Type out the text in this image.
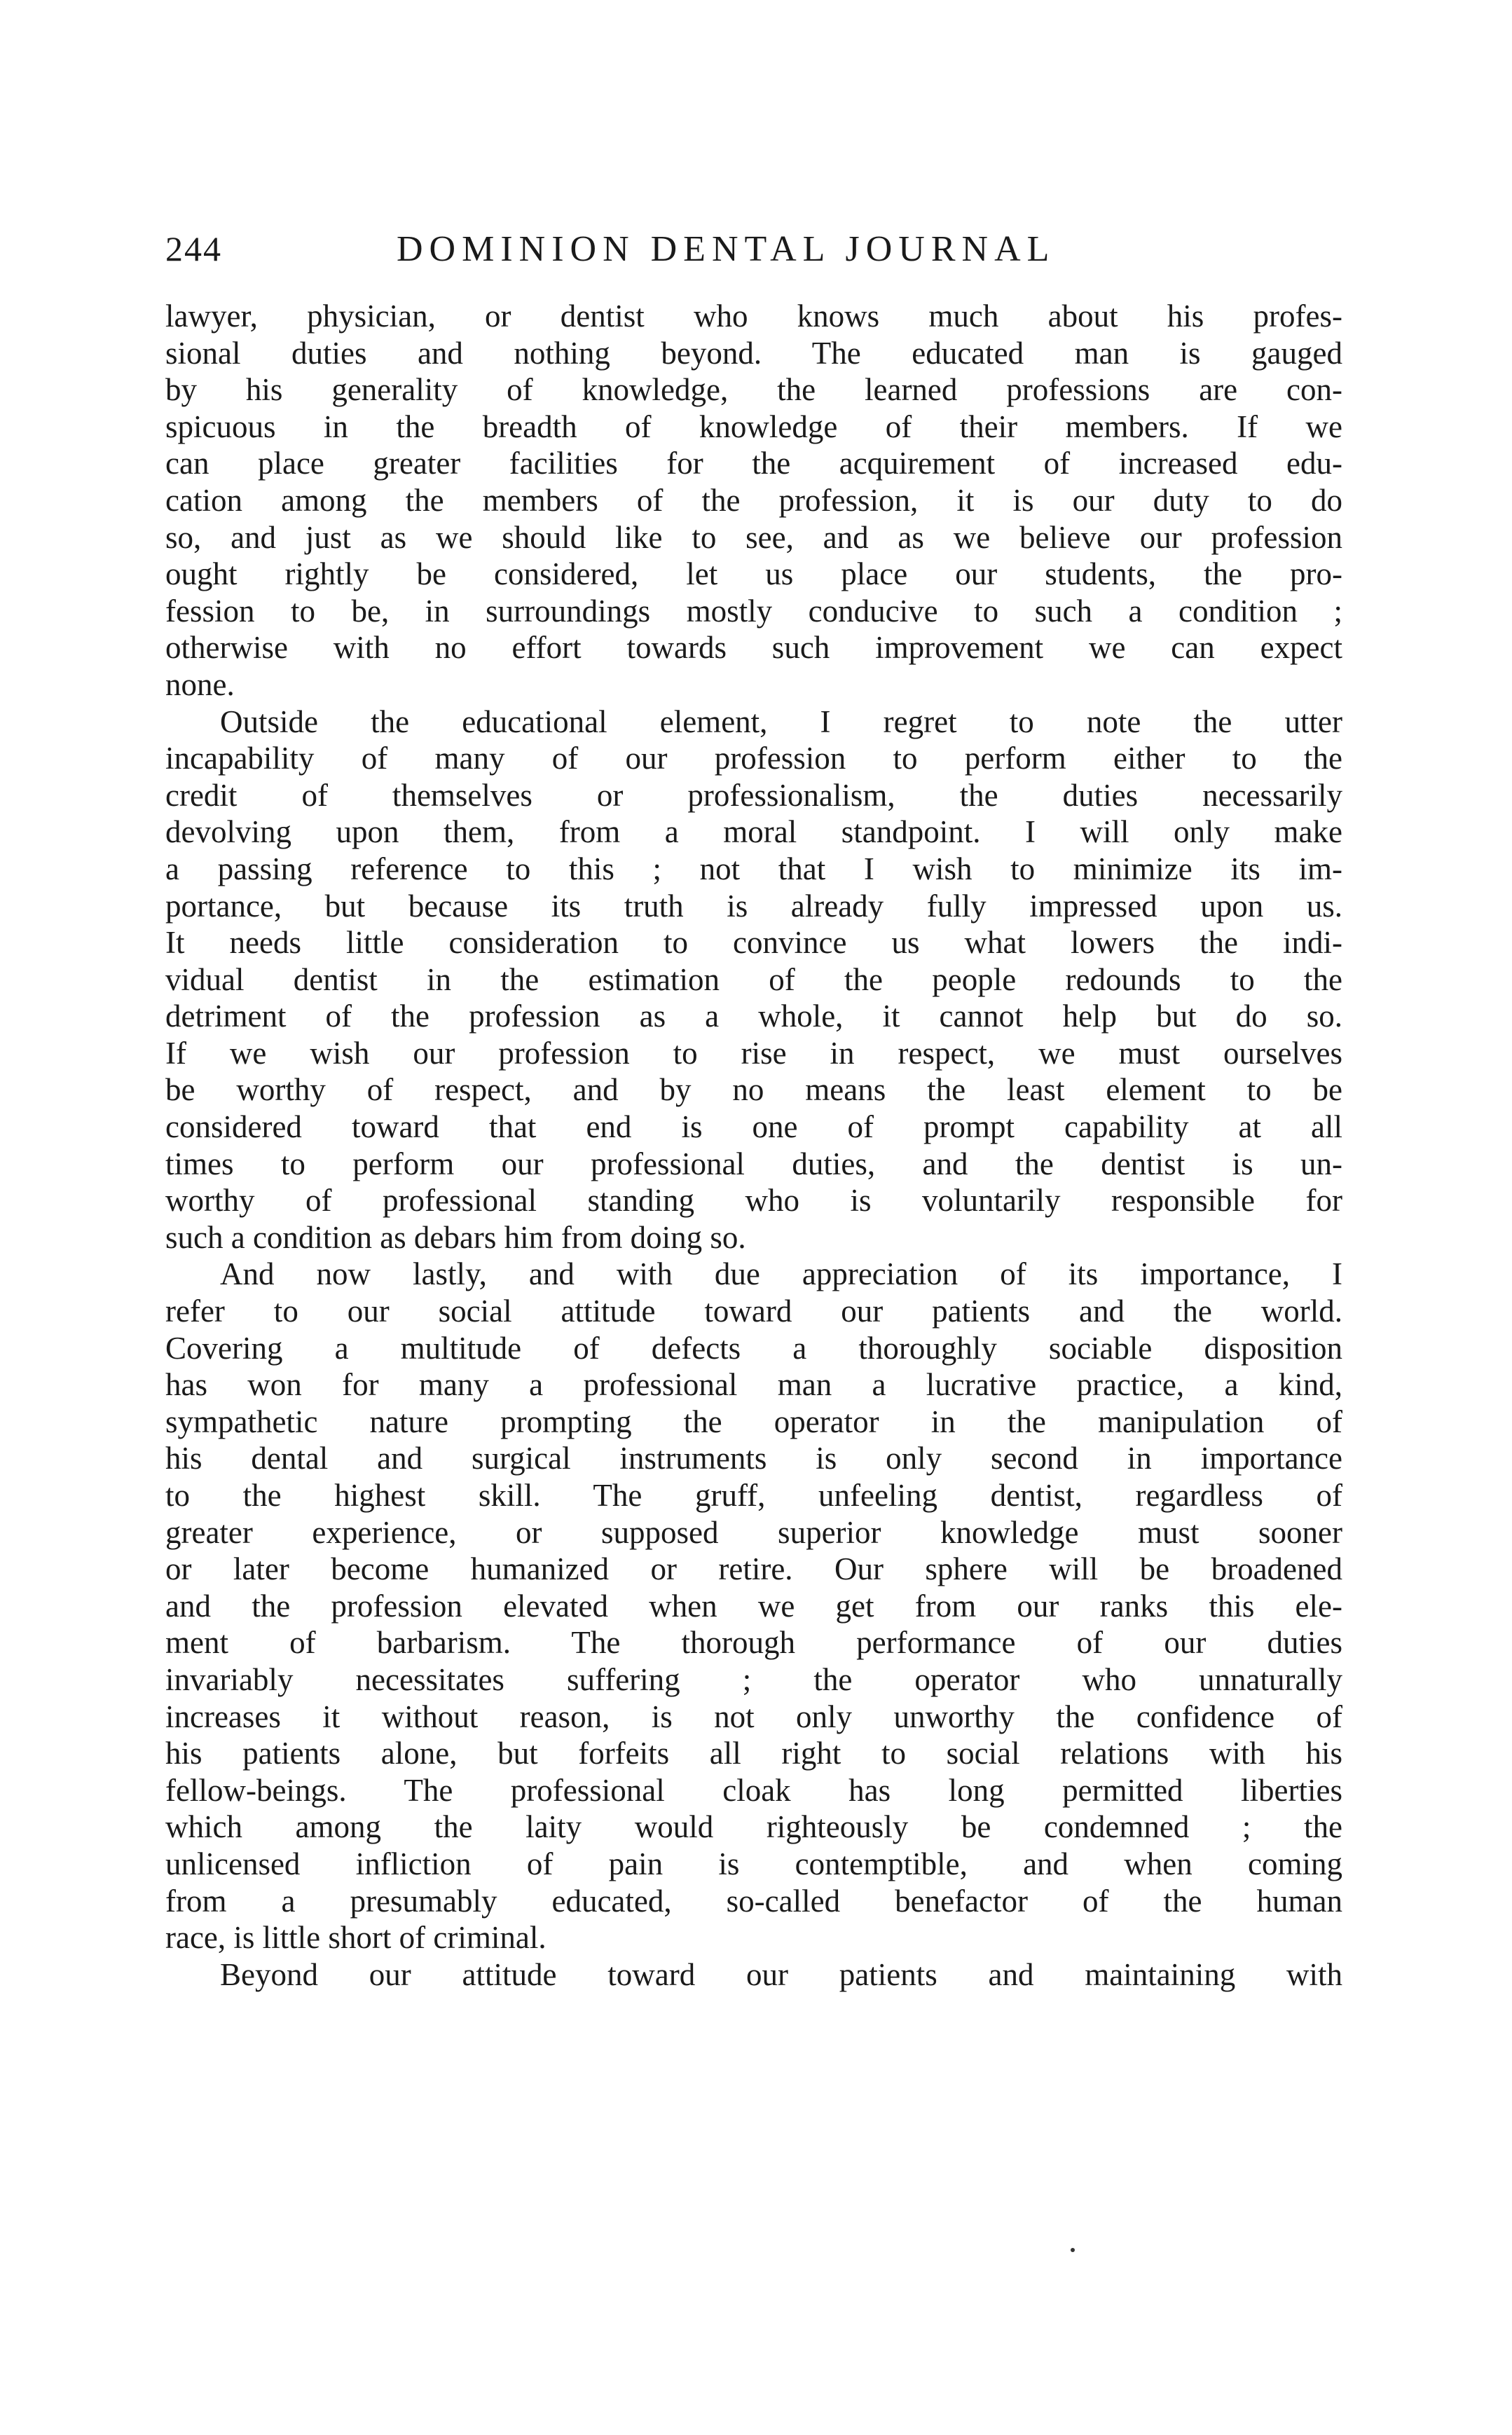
244	DOMINION DENTAL JOURNAL
lawyer, physician, or dentist who knows much about his profes-
sional duties and nothing beyond. The educated man is gauged
by his generality of knowledge, the learned professions are con-
spicuous in the breadth of knowledge of their members. If we
can place greater facilities for the acquirement of increased edu-
cation among the members of the profession, it is our duty to do
so, and just as we should like to see, and as we believe our profession
ought rightly be considered, let us place our students, the pro-
fession to be, in surroundings mostly conducive to such a condition ;
otherwise with no effort towards such improvement we can expect
none.
Outside the educational element, I regret to note the utter
incapability of many of our profession to perform either to the
credit of themselves or professionalism, the duties necessarily
devolving upon them, from a moral standpoint. I will only make
a passing reference to this ; not that I wish to minimize its im-
portance, but because its truth is already fully impressed upon us.
It needs little consideration to convince us what lowers the indi-
vidual dentist in the estimation of the people redounds to the
detriment of the profession as a whole, it cannot help but do so.
If we wish our profession to rise in respect, we must ourselves
be worthy of respect, and by no means the least element to be
considered toward that end is one of prompt capability at all
times to perform our professional duties, and the dentist is un-
worthy of professional standing who is voluntarily responsible for
such a condition as debars him from doing so.
And now lastly, and with due appreciation of its importance, I
refer to our social attitude toward our patients and the world.
Covering a multitude of defects a thoroughly sociable disposition
has won for many a professional man a lucrative practice, a kind,
sympathetic nature prompting the operator in the manipulation of
his dental and surgical instruments is only second in importance
to the highest skill. The gruff, unfeeling dentist, regardless of
greater experience, or supposed superior knowledge must sooner
or later become humanized or retire. Our sphere will be broadened
and the profession elevated when we get from our ranks this ele-
ment of barbarism. The thorough performance of our duties
invariably necessitates suffering ; the operator who unnaturally
increases it without reason, is not only unworthy the confidence of
his patients alone, but forfeits all right to social relations with his
fellow-beings. The professional cloak has long permitted liberties
which among the laity would righteously be condemned ; the
unlicensed infliction of pain is contemptible, and when coming
from a presumably educated, so-called benefactor of the human
race, is little short of criminal.
Beyond our attitude toward our patients and maintaining with
